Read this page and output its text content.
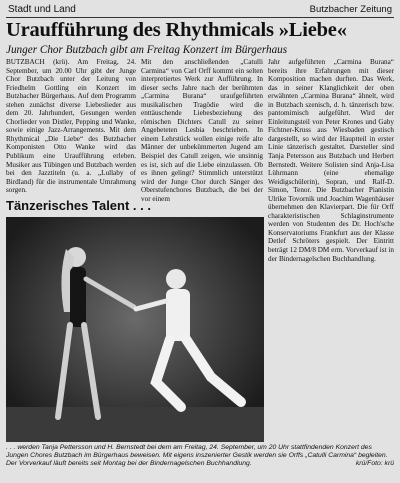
Stadt und Land	Butzbacher Zeitung
Uraufführung des Rhythmicals »Liebe«
Junger Chor Butzbach gibt am Freitag Konzert im Bürgerhaus

BUTZBACH (krü). Am Freitag, 24. September, um 20.00 Uhr gibt der Junge Chor Butzbach unter der Leitung von Friedhelm Gottling ein Konzert im Butzbacher Bürgerhaus. Auf dem Programm stehen zunächst diverse Liebeslieder aus dem 20. Jahrhundert, Gesungen werden Chorlieder von Distler, Pepping und Wanke, sowie einige Jazz-Arrangements. Mit dem Rhythmical „Die Liebe“ des Butzbacher Komponisten Otto Wanke wird das Publikum eine Uraufführung erleben. Musiker aus Tübingen und Butzbach werden bei den Jazztiteln (u. a. „Lullaby of Birdland) für die instrumentale Umrahmung sorgen.

Mit den anschließenden „Catulli Carmina“ von Carl Orff kommt ein selten interpretiertes Werk zur Aufführung. In dieser sechs Jahre nach der berühmten „Carmina Burana“ uraufgeführten musikalischen Tragödie wird die enttäuschende Liebesbeziehung des römischen Dichters Catull zu seiner Angebeteten Lesbia beschrieben. In einem Lehrstück wollen einige reife alte Männer der unbekümmerten Jugend am Beispiel des Catull zeigen, wie unsinnig es ist, sich auf die Liebe einzulassen. Ob es ihnen gelingt? Stimmlich unterstützt wird der Junge Chor durch Sänger des Oberstufenchores Butzbach, die bei der vor einem

Jahr aufgeführten „Carmina Burana“ bereits ihre Erfahrungen mit dieser Komposition machen durften. Das Werk, das in seiner Klanglichkeit der oben erwähnten „Carmina Burana“ ähnelt, wird in Butzbach szenisch, d. h. tänzerisch bzw. pantomimisch aufgeführt. Wird der Einleitungsteil von Peter Krones und Gaby Fichtner-Kruss aus Wiesbaden gestisch dargestellt, so wird der Hauptteil in erster Linie tänzerisch gestaltet. Darsteller sind Tanja Petersson aus Butzbach und Herbert Bernstedt. Weitere Solisten sind Anja-Lisa Lührmann (eine ehemalige Weidigschülerin), Sopran, und Ralf-D. Simon, Tenor. Die Butzbacher Pianistin Ulrike Tovornik und Joachim Wagenhäuser übernehmen den Klavierpart. Die für Orff charakteristischen Schlaginstrumente werden von Studenten des Dr. Hoch'sche Konservatoriums Frankfurt aus der Klasse Detlef Schröters gespielt. Der Eintritt beträgt 12 DM/8 DM erm. Vorverkauf ist in der Bindernagelschen Buchhandlung.

Tänzerisches Talent . . .
. . . werden Tanja Pettersson und H. Bernstedt bei dem am Freitag, 24. September, um 20 Uhr stattfindenden Konzert des Jungen Chores Butzbach im Bürgerhaus beweisen. Mit eigens inszenierter Gestik werden sie Orffs „Catulli Carmina“ begleiten. Der Vorverkauf läuft bereits seit Montag bei der Bindernagelschen Buchhandlung.	krü/Foto: krü
